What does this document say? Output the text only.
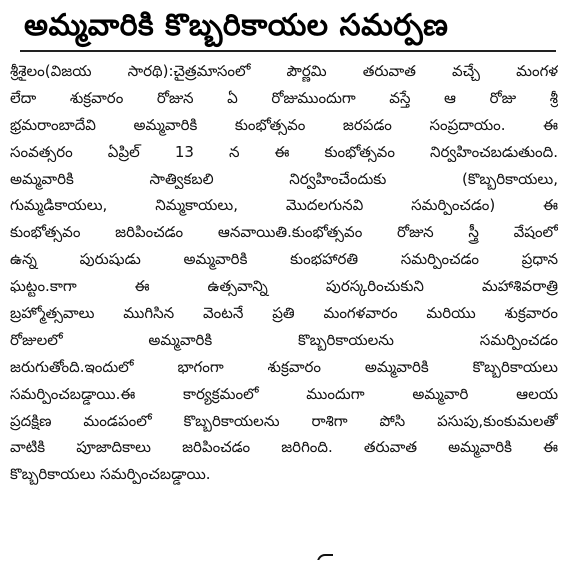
అమ్మవారికి కొబ్బరికాయల సమర్పణ
శ్రీశైలం(విజయ సారథి):చైత్రమాసంలో పౌర్ణమి తరువాత వచ్చే మంగళ
లేదా శుక్రవారం రోజున ఏ రోజుముందుగా వస్తే ఆ రోజు శ్రీ
భ్రమరాంబాదేవి అమ్మవారికి కుంభోత్సవం జరపడం సంప్రదాయం. ఈ
సంవత్సరం ఏప్రిల్ 13 న ఈ కుంభోత్సవం నిర్వహించబడుతుంది.
అమ్మవారికి సాత్వికబలి నిర్వహించేందుకు (కొబ్బరికాయలు,
గుమ్మడికాయలు, నిమ్మకాయలు, మొదలగునవి సమర్పించడం) ఈ
కుంభోత్సవం జరిపించడం ఆనవాయితి.కుంభోత్సవం రోజున స్త్రీ వేషంలో
ఉన్న పురుషుడు అమ్మవారికి కుంభహారతి సమర్పించడం ప్రధాన
ఘట్టం.కాగా ఈ ఉత్సవాన్ని పురస్కరించుకుని మహాశివరాత్రి
బ్రహ్మోత్సవాలు ముగిసిన వెంటనే ప్రతి మంగళవారం మరియు శుక్రవారం
రోజులలో అమ్మవారికి కొబ్బరికాయలను సమర్పించడం
జరుగుతోంది.ఇందులో భాగంగా శుక్రవారం అమ్మవారికి కొబ్బరికాయలు
సమర్పించబడ్డాయి.ఈ కార్యక్రమంలో ముందుగా అమ్మవారి ఆలయ
ప్రదక్షిణ మండపంలో కొబ్బరికాయలను రాశిగా పోసి పసుపు,కుంకుమలతో
వాటికి పూజాదికాలు జరిపించడం జరిగింది. తరువాత అమ్మవారికి ఈ
కొబ్బరికాయలు సమర్పించబడ్డాయి.
